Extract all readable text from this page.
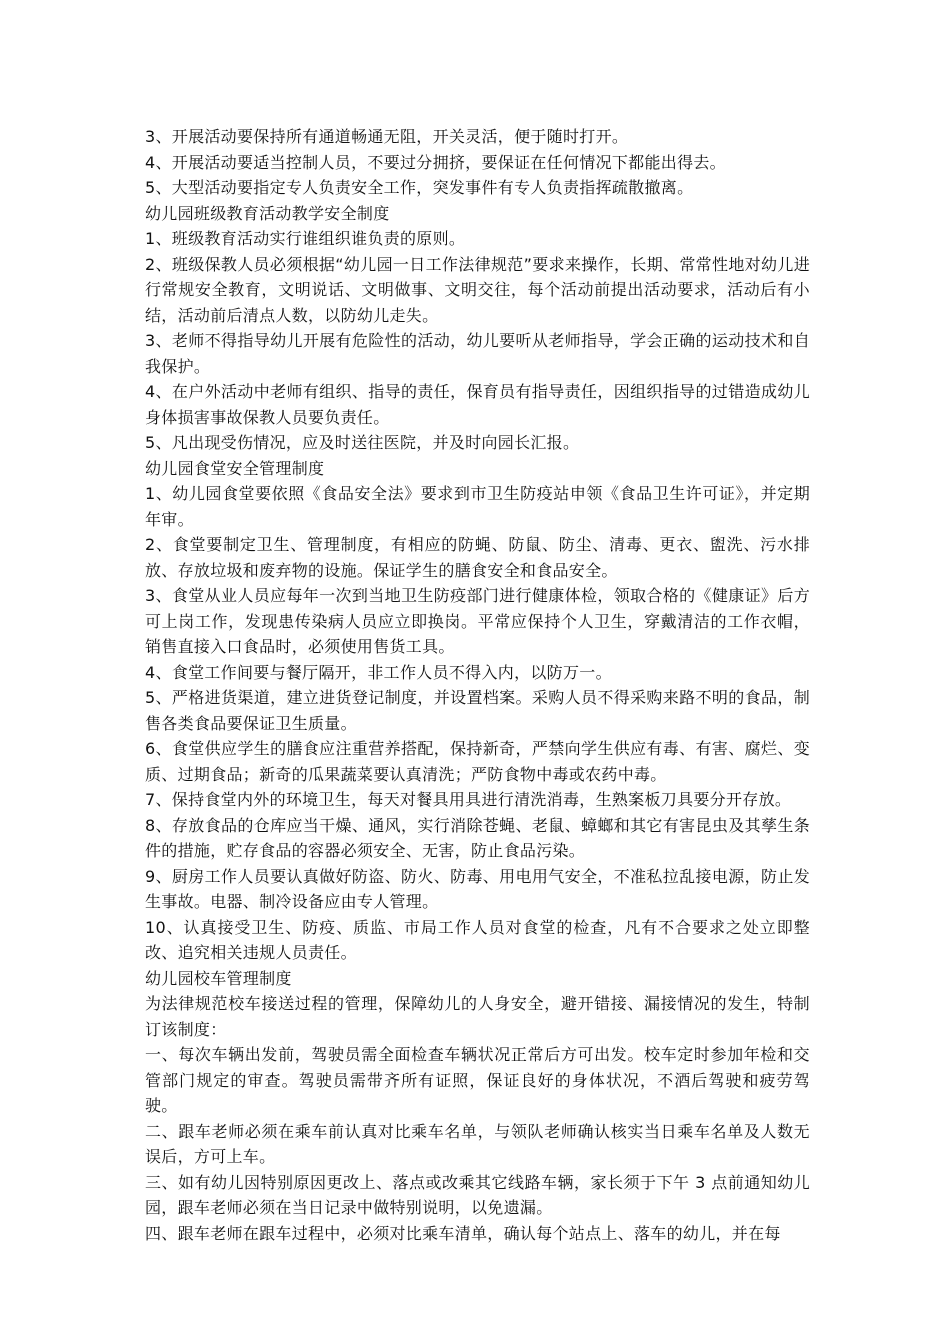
3、开展活动要保持所有通道畅通无阻，开关灵活，便于随时打开。

4、开展活动要适当控制人员，不要过分拥挤，要保证在任何情况下都能出得去。

5、大型活动要指定专人负责安全工作，突发事件有专人负责指挥疏散撤离。

幼儿园班级教育活动教学安全制度

1、班级教育活动实行谁组织谁负责的原则。

2、班级保教人员必须根据“幼儿园一日工作法律规范”要求来操作，长期、常常性地对幼儿进行常规安全教育，文明说话、文明做事、文明交往，每个活动前提出活动要求，活动后有小结，活动前后清点人数，以防幼儿走失。

3、老师不得指导幼儿开展有危险性的活动，幼儿要听从老师指导，学会正确的运动技术和自我保护。

4、在户外活动中老师有组织、指导的责任，保育员有指导责任，因组织指导的过错造成幼儿身体损害事故保教人员要负责任。

5、凡出现受伤情况，应及时送往医院，并及时向园长汇报。

幼儿园食堂安全管理制度

1、幼儿园食堂要依照《食品安全法》要求到市卫生防疫站申领《食品卫生许可证》，并定期年审。

2、食堂要制定卫生、管理制度，有相应的防蝇、防鼠、防尘、清毒、更衣、盥洗、污水排放、存放垃圾和废弃物的设施。保证学生的膳食安全和食品安全。

3、食堂从业人员应每年一次到当地卫生防疫部门进行健康体检，领取合格的《健康证》后方可上岗工作，发现患传染病人员应立即换岗。平常应保持个人卫生，穿戴清洁的工作衣帽，销售直接入口食品时，必须使用售货工具。

4、食堂工作间要与餐厅隔开，非工作人员不得入内，以防万一。

5、严格进货渠道，建立进货登记制度，并设置档案。采购人员不得采购来路不明的食品，制售各类食品要保证卫生质量。

6、食堂供应学生的膳食应注重营养搭配，保持新奇，严禁向学生供应有毒、有害、腐烂、变质、过期食品；新奇的瓜果蔬菜要认真清洗；严防食物中毒或农药中毒。

7、保持食堂内外的环境卫生，每天对餐具用具进行清洗消毒，生熟案板刀具要分开存放。

8、存放食品的仓库应当干燥、通风，实行消除苍蝇、老鼠、蟑螂和其它有害昆虫及其孳生条件的措施，贮存食品的容器必须安全、无害，防止食品污染。

9、厨房工作人员要认真做好防盗、防火、防毒、用电用气安全，不准私拉乱接电源，防止发生事故。电器、制冷设备应由专人管理。

10、认真接受卫生、防疫、质监、市局工作人员对食堂的检查，凡有不合要求之处立即整改、追究相关违规人员责任。

幼儿园校车管理制度

为法律规范校车接送过程的管理，保障幼儿的人身安全，避开错接、漏接情况的发生，特制订该制度：

一、每次车辆出发前，驾驶员需全面检查车辆状况正常后方可出发。校车定时参加年检和交管部门规定的审查。驾驶员需带齐所有证照，保证良好的身体状况，不酒后驾驶和疲劳驾驶。

二、跟车老师必须在乘车前认真对比乘车名单，与领队老师确认核实当日乘车名单及人数无误后，方可上车。

三、如有幼儿因特别原因更改上、落点或改乘其它线路车辆，家长须于下午 3 点前通知幼儿园，跟车老师必须在当日记录中做特别说明，以免遗漏。

四、跟车老师在跟车过程中，必须对比乘车清单，确认每个站点上、落车的幼儿，并在每
